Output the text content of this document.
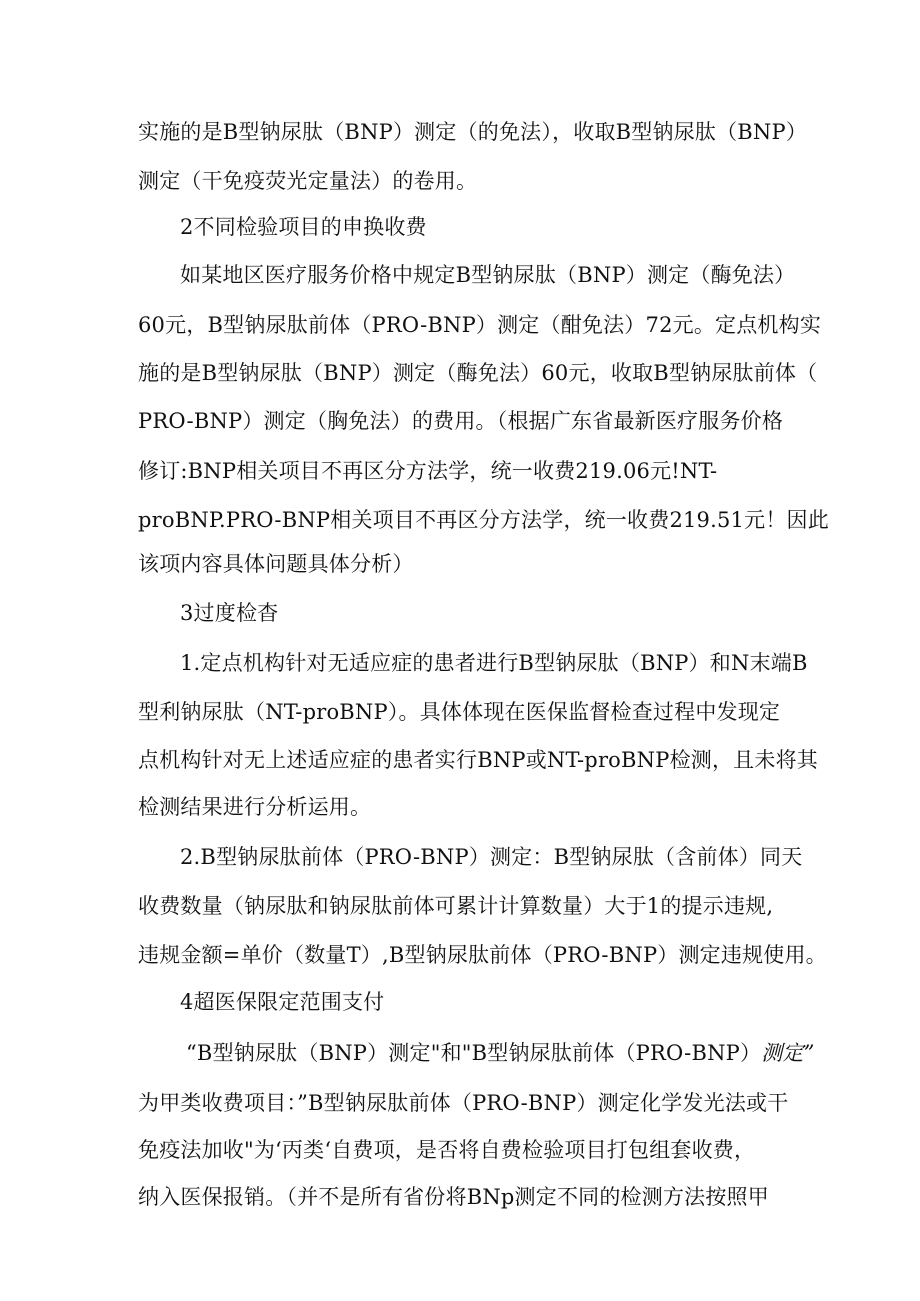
实施的是B型钠尿肽（BNP）测定（的免法），收取B型钠尿肽（BNP）
测定（干免疫荧光定量法）的卷用。
2不同检验项目的申换收费
如某地区医疗服务价格中规定B型钠尿肽（BNP）测定（酶免法）
60元，B型钠尿肽前体（PRO-BNP）测定（酣免法）72元。定点机构实
施的是B型钠尿肽（BNP）测定（酶免法）60元，收取B型钠尿肽前体（
PRO-BNP）测定（胸免法）的费用。（根据广东省最新医疗服务价格
修订:BNP相关项目不再区分方法学，统一收费219.06元!NT-
proBNP.PRO-BNP相关项目不再区分方法学，统一收费219.51元！因此
该项内容具体问题具体分析）
3过度检杳
1.定点机构针对无适应症的患者进行B型钠尿肽（BNP）和N末端B
型利钠尿肽（NT-proBNP）。具体体现在医保监督检查过程中发现定
点机构针对无上述适应症的患者实行BNP或NT-proBNP检测，且未将其
检测结果进行分析运用。
2.B型钠尿肽前体（PRO-BNP）测定：B型钠尿肽（含前体）同天
收费数量（钠尿肽和钠尿肽前体可累计计算数量）大于1的提示违规,
违规金额=单价（数量T）,B型钠尿肽前体（PRO-BNP）测定违规使用。
4超医保限定范围支付
“B型钠尿肽（BNP）测定"和"B型钠尿肽前体（PRO-BNP）测定”
为甲类收费项目：”B型钠尿肽前体（PRO-BNP）测定化学发光法或干
免疫法加收"为‘丙类‘自费项，是否将自费检验项目打包组套收费，
纳入医保报销。（并不是所有省份将BNp测定不同的检测方法按照甲
